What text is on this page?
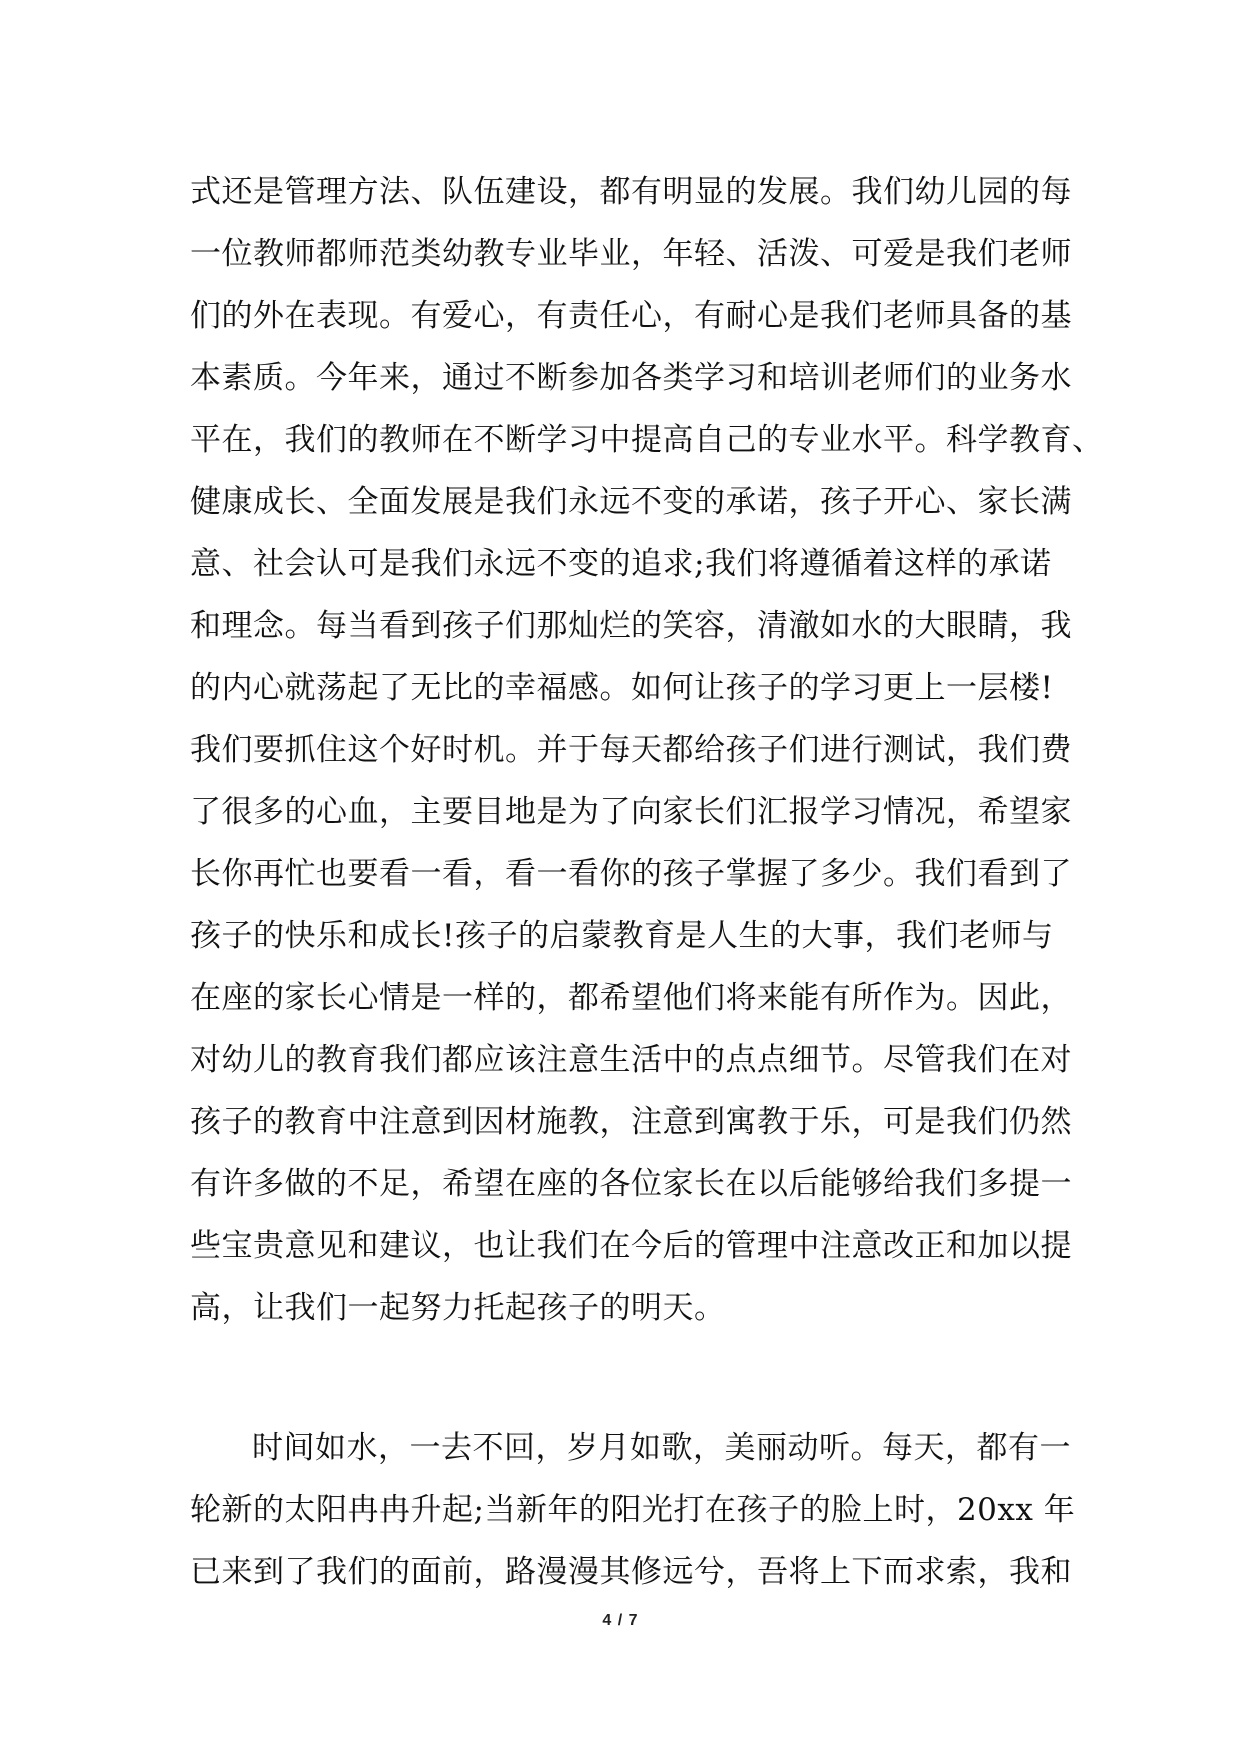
式还是管理方法、队伍建设，都有明显的发展。我们幼儿园的每
一位教师都师范类幼教专业毕业，年轻、活泼、可爱是我们老师
们的外在表现。有爱心，有责任心，有耐心是我们老师具备的基
本素质。今年来，通过不断参加各类学习和培训老师们的业务水
平在，我们的教师在不断学习中提高自己的专业水平。科学教育、
健康成长、全面发展是我们永远不变的承诺，孩子开心、家长满
意、社会认可是我们永远不变的追求;我们将遵循着这样的承诺
和理念。每当看到孩子们那灿烂的笑容，清澈如水的大眼睛，我
的内心就荡起了无比的幸福感。如何让孩子的学习更上一层楼!
我们要抓住这个好时机。并于每天都给孩子们进行测试，我们费
了很多的心血，主要目地是为了向家长们汇报学习情况，希望家
长你再忙也要看一看，看一看你的孩子掌握了多少。我们看到了
孩子的快乐和成长!孩子的启蒙教育是人生的大事，我们老师与
在座的家长心情是一样的，都希望他们将来能有所作为。因此，
对幼儿的教育我们都应该注意生活中的点点细节。尽管我们在对
孩子的教育中注意到因材施教，注意到寓教于乐，可是我们仍然
有许多做的不足，希望在座的各位家长在以后能够给我们多提一
些宝贵意见和建议，也让我们在今后的管理中注意改正和加以提
高，让我们一起努力托起孩子的明天。
时间如水，一去不回，岁月如歌，美丽动听。每天，都有一
轮新的太阳冉冉升起;当新年的阳光打在孩子的脸上时，20xx 年
已来到了我们的面前，路漫漫其修远兮，吾将上下而求索，我和
4 / 7
